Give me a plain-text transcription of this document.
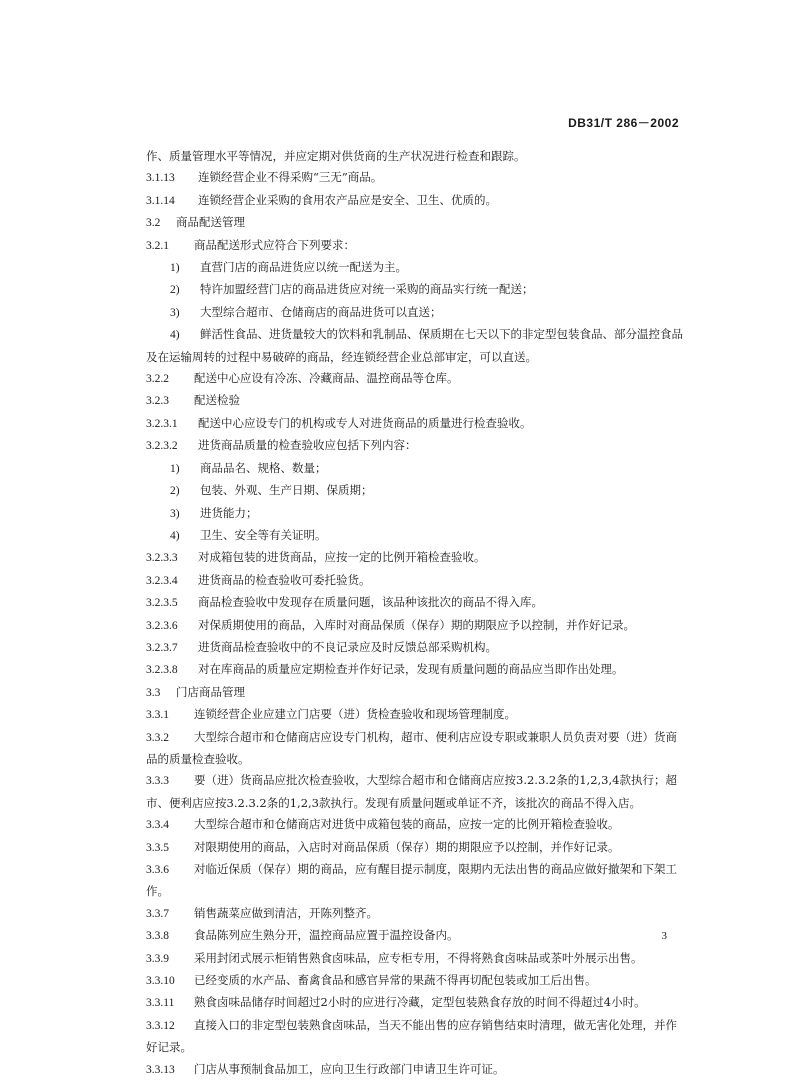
DB31/T 286－2002
作、质量管理水平等情况，并应定期对供货商的生产状况进行检查和跟踪。
3.1.13 连锁经营企业不得采购“三无”商品。
3.1.14 连锁经营企业采购的食用农产品应是安全、卫生、优质的。
3.2 商品配送管理
3.2.1 商品配送形式应符合下列要求：
1) 直营门店的商品进货应以统一配送为主。
2) 特许加盟经营门店的商品进货应对统一采购的商品实行统一配送；
3) 大型综合超市、仓储商店的商品进货可以直送；
4) 鲜活性食品、进货量较大的饮料和乳制品、保质期在七天以下的非定型包装食品、部分温控食品及在运输周转的过程中易破碎的商品，经连锁经营企业总部审定，可以直送。
3.2.2 配送中心应设有冷冻、冷藏商品、温控商品等仓库。
3.2.3 配送检验
3.2.3.1 配送中心应设专门的机构或专人对进货商品的质量进行检查验收。
3.2.3.2 进货商品质量的检查验收应包括下列内容：
1) 商品品名、规格、数量；
2) 包装、外观、生产日期、保质期；
3) 进货能力；
4) 卫生、安全等有关证明。
3.2.3.3 对成箱包装的进货商品，应按一定的比例开箱检查验收。
3.2.3.4 进货商品的检查验收可委托验货。
3.2.3.5 商品检查验收中发现存在质量问题，该品种该批次的商品不得入库。
3.2.3.6 对保质期使用的商品，入库时对商品保质（保存）期的期限应予以控制，并作好记录。
3.2.3.7 进货商品检查验收中的不良记录应及时反馈总部采购机构。
3.2.3.8 对在库商品的质量应定期检查并作好记录，发现有质量问题的商品应当即作出处理。
3.3 门店商品管理
3.3.1 连锁经营企业应建立门店要（进）货检查验收和现场管理制度。
3.3.2 大型综合超市和仓储商店应设专门机构，超市、便利店应设专职或兼职人员负责对要（进）货商品的质量检查验收。
3.3.3 要（进）货商品应批次检查验收，大型综合超市和仓储商店应按3.2.3.2条的1,2,3,4款执行；超市、便利店应按3.2.3.2条的1,2,3款执行。发现有质量问题或单证不齐，该批次的商品不得入店。
3.3.4 大型综合超市和仓储商店对进货中成箱包装的商品，应按一定的比例开箱检查验收。
3.3.5 对限期使用的商品，入店时对商品保质（保存）期的期限应予以控制，并作好记录。
3.3.6 对临近保质（保存）期的商品，应有醒目提示制度，限期内无法出售的商品应做好撤架和下架工作。
3.3.7 销售蔬菜应做到清洁，开陈列整齐。
3.3.8 食品陈列应生熟分开，温控商品应置于温控设备内。
3.3.9 采用封闭式展示柜销售熟食卤味品，应专柜专用，不得将熟食卤味品或茶叶外展示出售。
3.3.10 已经变质的水产品、畜禽食品和感官异常的果蔬不得再切配包装或加工后出售。
3.3.11 熟食卤味品储存时间超过2小时的应进行冷藏，定型包装熟食存放的时间不得超过4小时。
3.3.12 直接入口的非定型包装熟食卤味品，当天不能出售的应存销售结束时清理，做无害化处理，并作好记录。
3.3.13 门店从事预制食品加工，应向卫生行政部门申请卫生许可证。
3
